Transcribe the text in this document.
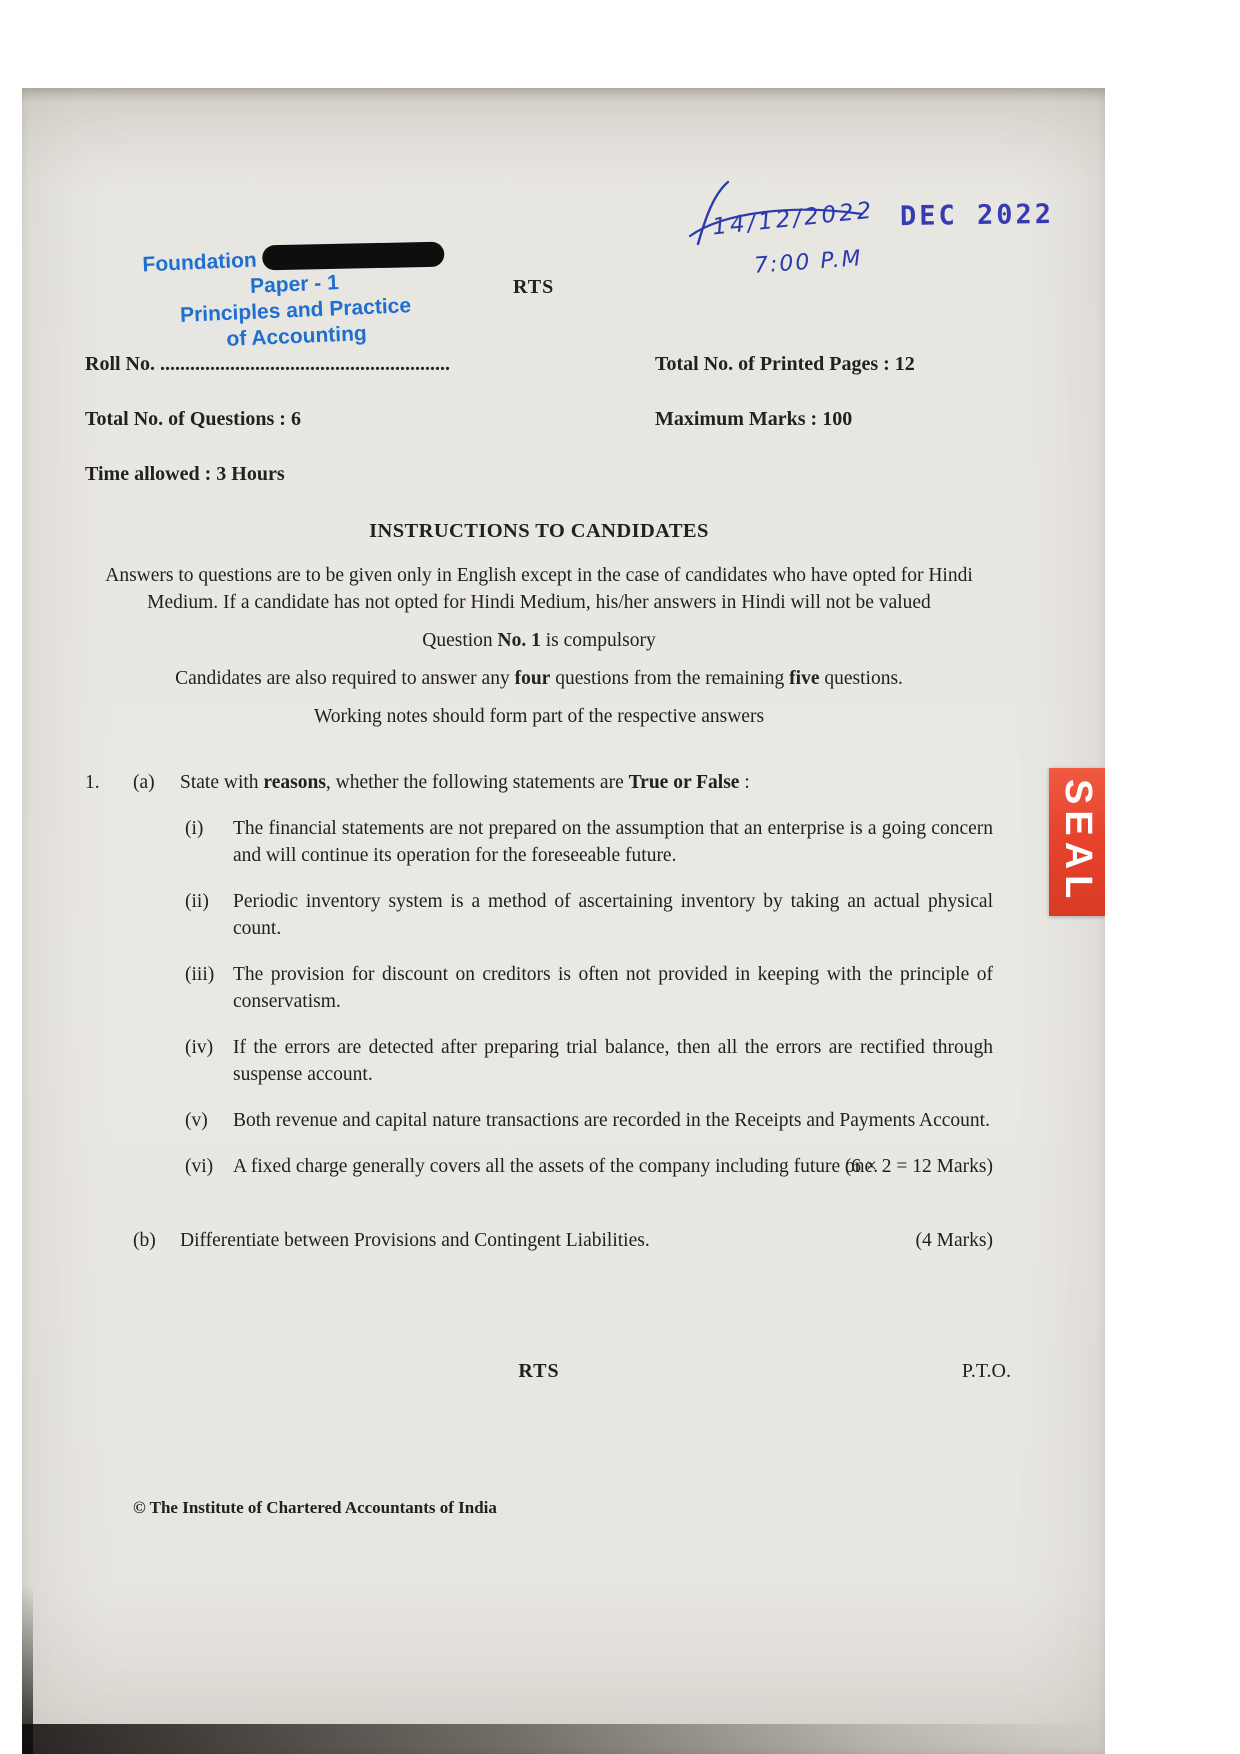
Foundation
Paper - 1
Principles and Practice
of Accounting
RTS
14/12/2022
7:00 P.M
DEC 2022
Roll No. ..........................................................	Total No. of Printed Pages : 12
Total No. of Questions : 6	Maximum Marks : 100
Time allowed : 3 Hours
INSTRUCTIONS TO CANDIDATES
Answers to questions are to be given only in English except in the case of candidates who have opted for Hindi Medium. If a candidate has not opted for Hindi Medium, his/her answers in Hindi will not be valued
Question No. 1 is compulsory
Candidates are also required to answer any four questions from the remaining five questions.
Working notes should form part of the respective answers
1.	(a)	State with reasons, whether the following statements are True or False :
(i)	The financial statements are not prepared on the assumption that an enterprise is a going concern and will continue its operation for the foreseeable future.
(ii)	Periodic inventory system is a method of ascertaining inventory by taking an actual physical count.
(iii) The provision for discount on creditors is often not provided in keeping with the principle of conservatism.
(iv)	If the errors are detected after preparing trial balance, then all the errors are rectified through suspense account.
(v)	Both revenue and capital nature transactions are recorded in the Receipts and Payments Account.
(vi)	A fixed charge generally covers all the assets of the company including future one.
(6 × 2 = 12 Marks)
(b)	Differentiate between Provisions and Contingent Liabilities.	(4 Marks)
RTS	P.T.O.
© The Institute of Chartered Accountants of India
SEAL
